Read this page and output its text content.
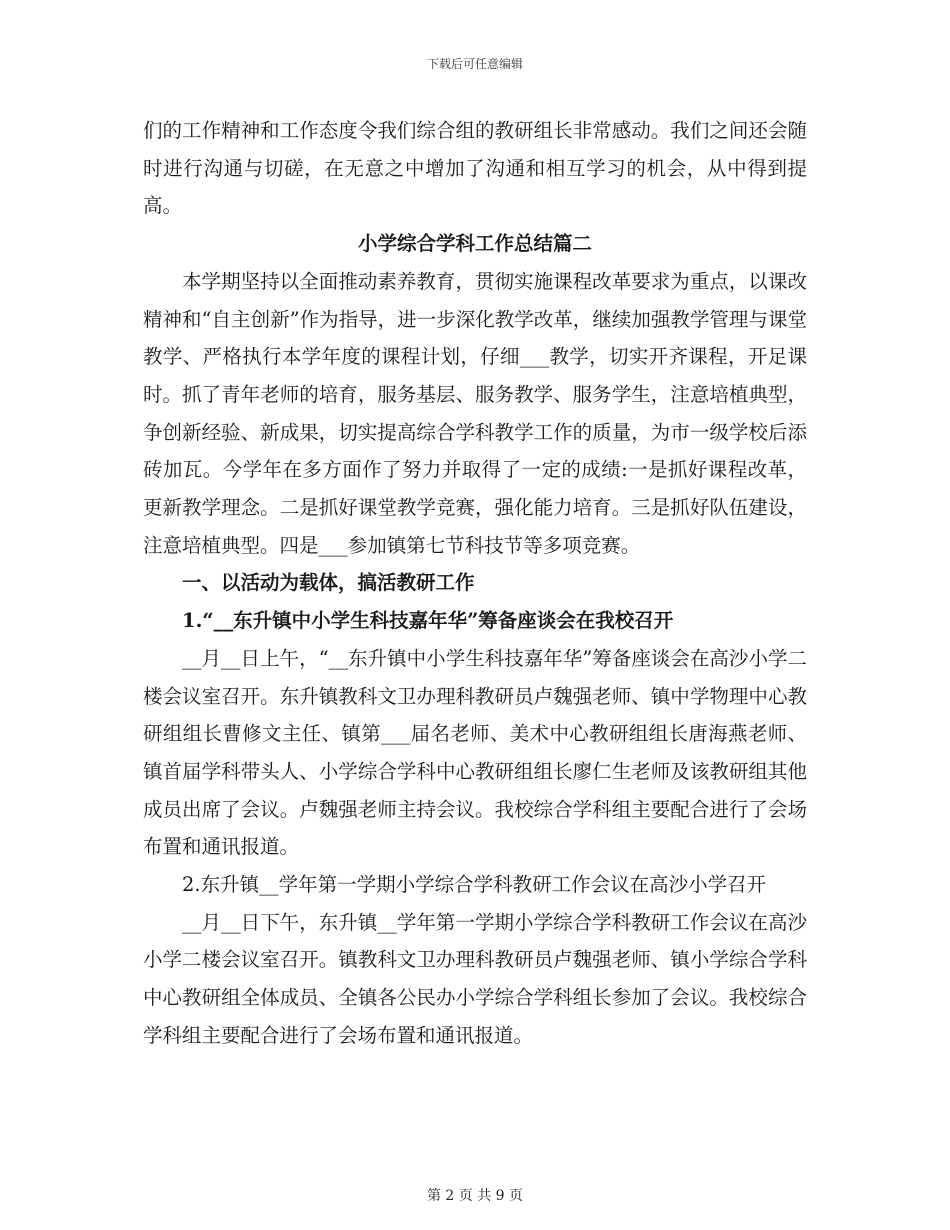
下载后可任意编辑

们的工作精神和工作态度令我们综合组的教研组长非常感动。我们之间还会随时进行沟通与切磋，在无意之中增加了沟通和相互学习的机会，从中得到提高。

小学综合学科工作总结篇二

本学期坚持以全面推动素养教育，贯彻实施课程改革要求为重点，以课改精神和“自主创新”作为指导，进一步深化教学改革，继续加强教学管理与课堂教学、严格执行本学年度的课程计划，仔细___教学，切实开齐课程，开足课时。抓了青年老师的培育，服务基层、服务教学、服务学生，注意培植典型，争创新经验、新成果，切实提高综合学科教学工作的质量，为市一级学校后添砖加瓦。今学年在多方面作了努力并取得了一定的成绩:一是抓好课程改革，更新教学理念。二是抓好课堂教学竞赛，强化能力培育。三是抓好队伍建设，注意培植典型。四是___参加镇第七节科技节等多项竞赛。

一、以活动为载体，搞活教研工作

1.“__东升镇中小学生科技嘉年华”筹备座谈会在我校召开

__月__日上午，“__东升镇中小学生科技嘉年华”筹备座谈会在高沙小学二楼会议室召开。东升镇教科文卫办理科教研员卢魏强老师、镇中学物理中心教研组组长曹修文主任、镇第___届名老师、美术中心教研组组长唐海燕老师、镇首届学科带头人、小学综合学科中心教研组组长廖仁生老师及该教研组其他成员出席了会议。卢魏强老师主持会议。我校综合学科组主要配合进行了会场布置和通讯报道。

2.东升镇__学年第一学期小学综合学科教研工作会议在高沙小学召开

__月__日下午，东升镇__学年第一学期小学综合学科教研工作会议在高沙小学二楼会议室召开。镇教科文卫办理科教研员卢魏强老师、镇小学综合学科中心教研组全体成员、全镇各公民办小学综合学科组长参加了会议。我校综合学科组主要配合进行了会场布置和通讯报道。

第 2 页 共 9 页
